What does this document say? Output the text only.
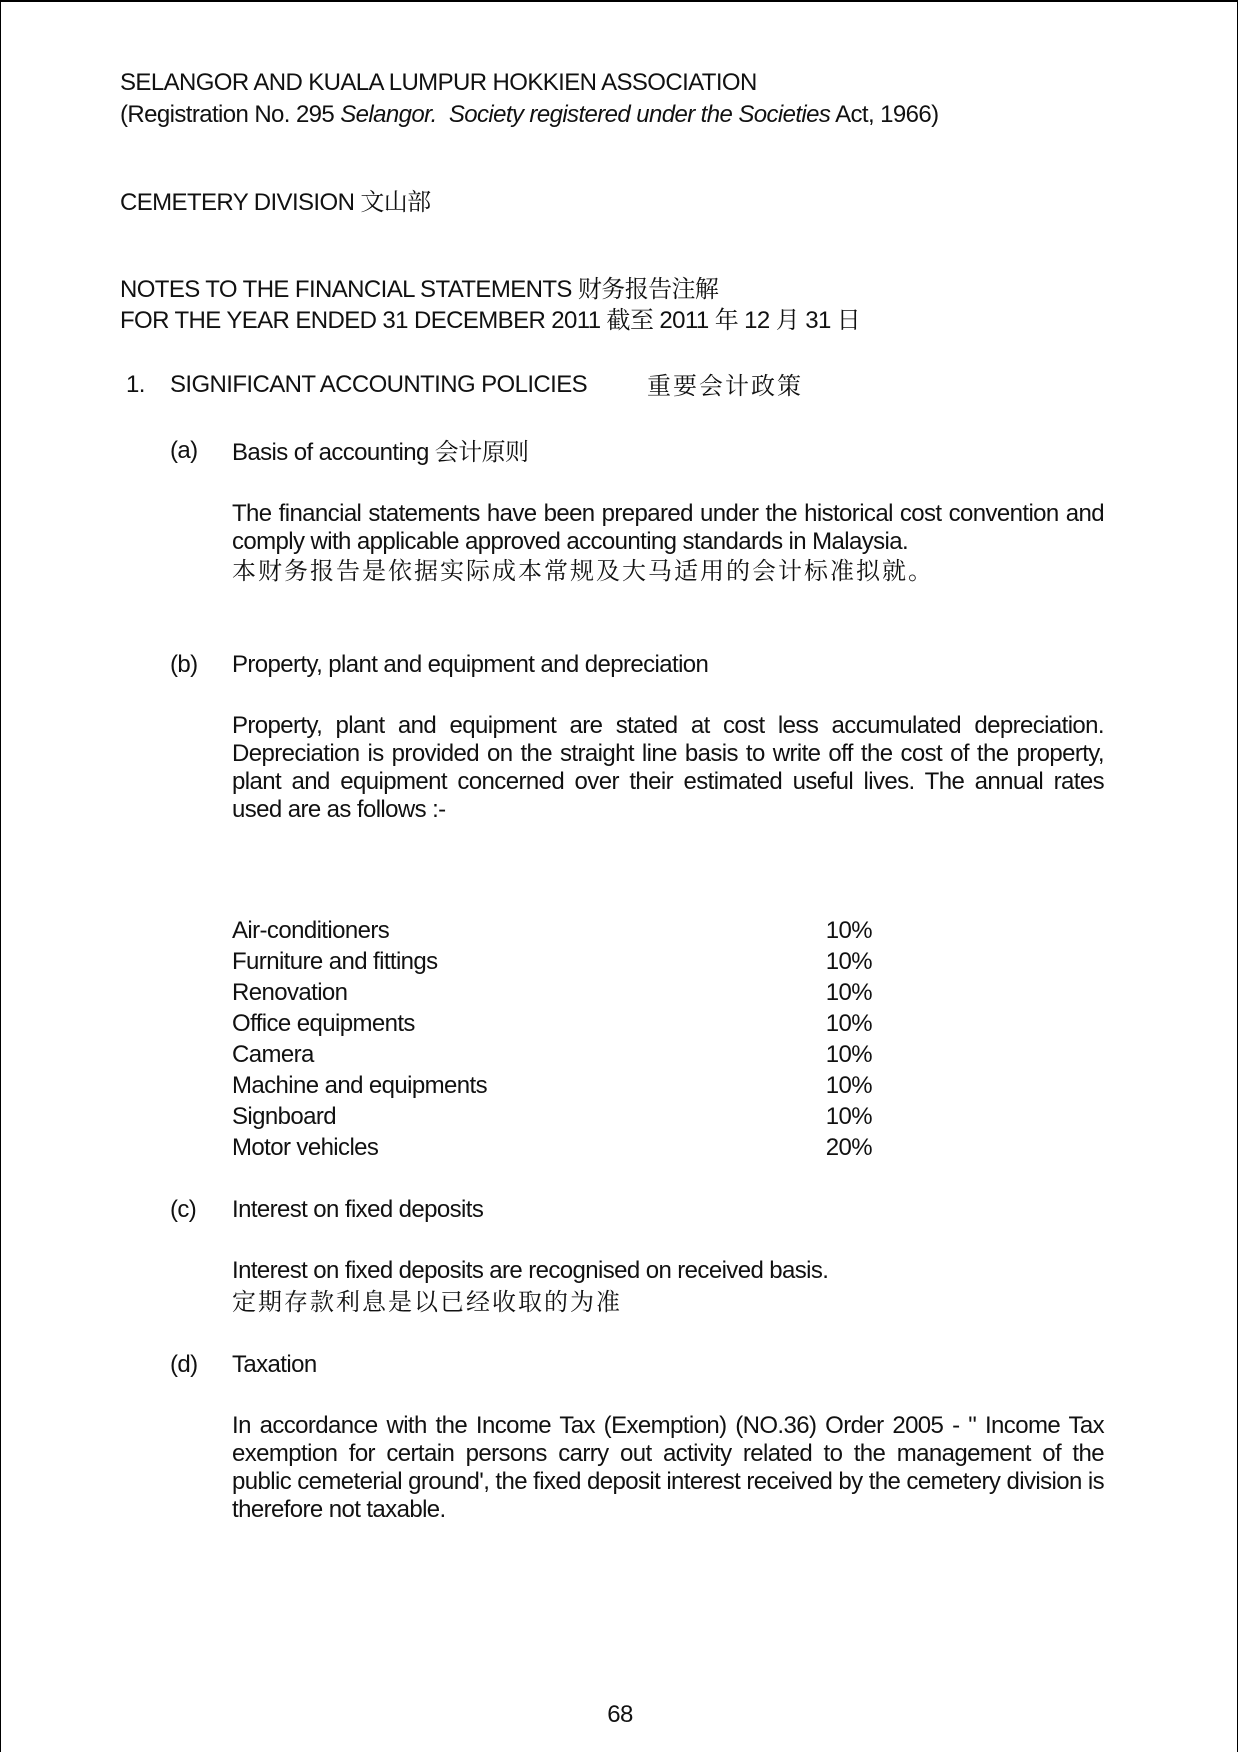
SELANGOR AND KUALA LUMPUR HOKKIEN ASSOCIATION
(Registration No. 295 Selangor. Society registered under the Societies Act, 1966)
CEMETERY DIVISION 文山部
NOTES TO THE FINANCIAL STATEMENTS 财务报告注解
FOR THE YEAR ENDED 31 DECEMBER 2011 截至 2011 年 12 月 31 日
1. SIGNIFICANT ACCOUNTING POLICIES 重要会计政策
(a)	Basis of accounting 会计原则

The financial statements have been prepared under the historical cost convention and comply with applicable approved accounting standards in Malaysia.

本财务报告是依据实际成本常规及大马适用的会计标准拟就。

(b)	Property, plant and equipment and depreciation
Property, plant and equipment are stated at cost less accumulated depreciation. Depreciation is provided on the straight line basis to write off the cost of the property, plant and equipment concerned over their estimated useful lives. The annual rates used are as follows :-
Air-conditioners	10%
Furniture and fittings	10%
Renovation	10%
Office equipments	10%
Camera	10%
Machine and equipments	10%
Signboard	10%
Motor vehicles	20%
(c)	Interest on fixed deposits

Interest on fixed deposits are recognised on received basis.

定期存款利息是以已经收取的为准

(d)	Taxation
In accordance with the Income Tax (Exemption) (NO.36) Order 2005 - " Income Tax exemption for certain persons carry out activity related to the management of the public cemeterial ground', the fixed deposit interest received by the cemetery division is therefore not taxable.
68
